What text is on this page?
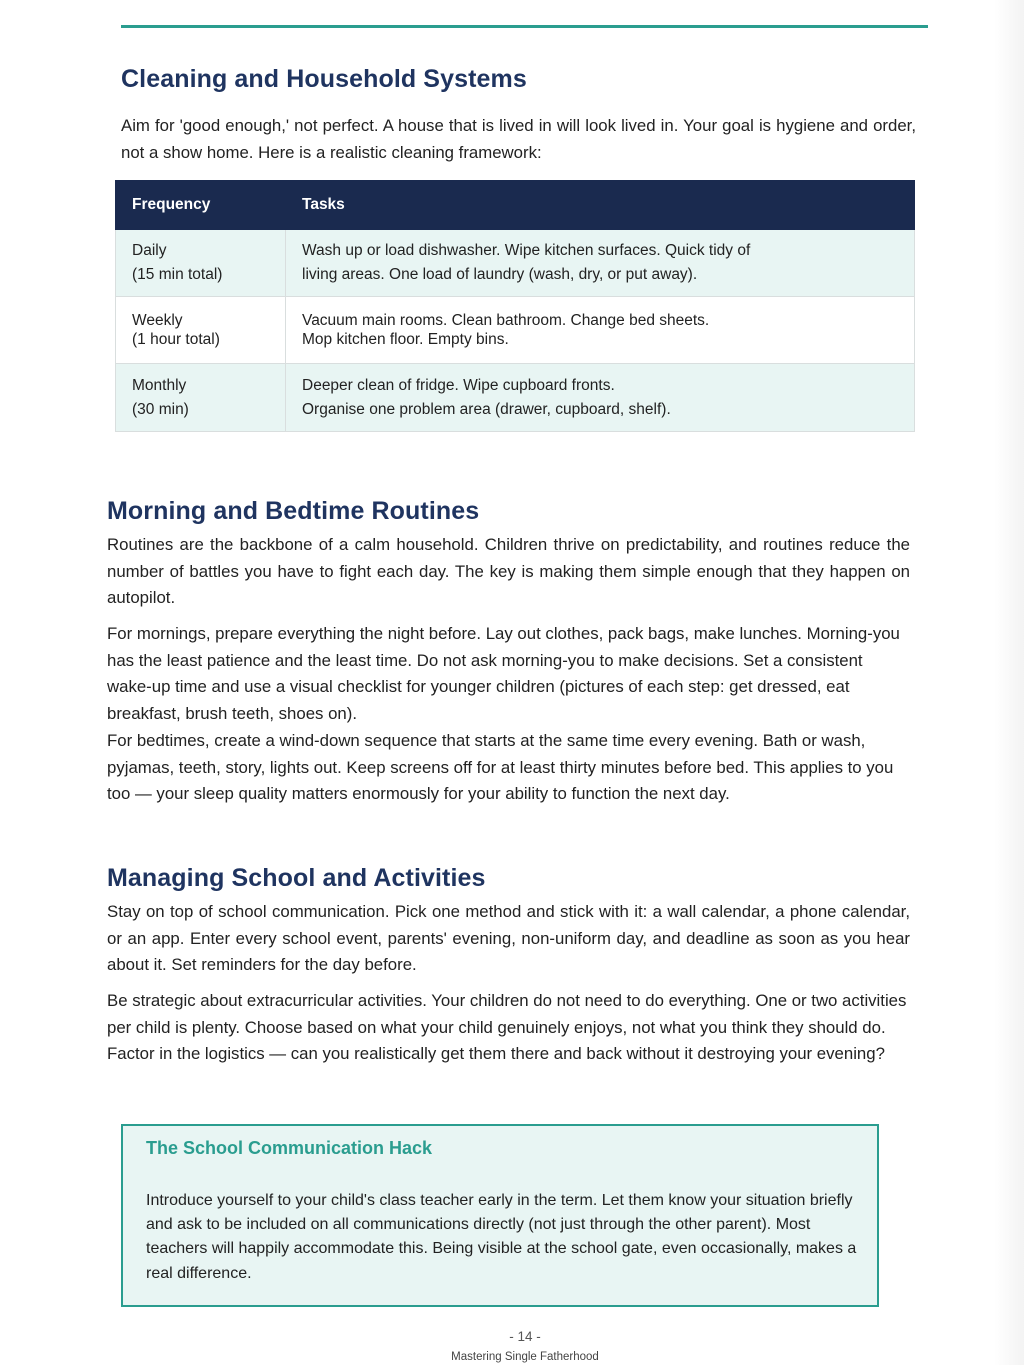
Cleaning and Household Systems

Aim for 'good enough,' not perfect. A house that is lived in will look lived in. Your goal is hygiene and order, not a show home. Here is a realistic cleaning framework:

Frequency	Tasks

Daily
(15 min total)	Wash up or load dishwasher. Wipe kitchen surfaces. Quick tidy of
living areas. One load of laundry (wash, dry, or put away).

Weekly
(1 hour total)	Vacuum main rooms. Clean bathroom. Change bed sheets.
Mop kitchen floor. Empty bins.

Monthly
(30 min)	Deeper clean of fridge. Wipe cupboard fronts.
Organise one problem area (drawer, cupboard, shelf).
Morning and Bedtime Routines

Routines are the backbone of a calm household. Children thrive on predictability, and routines reduce the number of battles you have to fight each day. The key is making them simple enough that they happen on autopilot.

For mornings, prepare everything the night before. Lay out clothes, pack bags, make lunches. Morning-you has the least patience and the least time. Do not ask morning-you to make decisions. Set a consistent wake-up time and use a visual checklist for younger children (pictures of each step: get dressed, eat breakfast, brush teeth, shoes on).

For bedtimes, create a wind-down sequence that starts at the same time every evening. Bath or wash, pyjamas, teeth, story, lights out. Keep screens off for at least thirty minutes before bed. This applies to you too — your sleep quality matters enormously for your ability to function the next day.

Managing School and Activities

Stay on top of school communication. Pick one method and stick with it: a wall calendar, a phone calendar, or an app. Enter every school event, parents' evening, non-uniform day, and deadline as soon as you hear about it. Set reminders for the day before.

Be strategic about extracurricular activities. Your children do not need to do everything. One or two activities per child is plenty. Choose based on what your child genuinely enjoys, not what you think they should do. Factor in the logistics — can you realistically get them there and back without it destroying your evening?

The School Communication Hack

Introduce yourself to your child's class teacher early in the term. Let them know your situation briefly and ask to be included on all communications directly (not just through the other parent). Most teachers will happily accommodate this. Being visible at the school gate, even occasionally, makes a real difference.

- 14 -
Mastering Single Fatherhood
